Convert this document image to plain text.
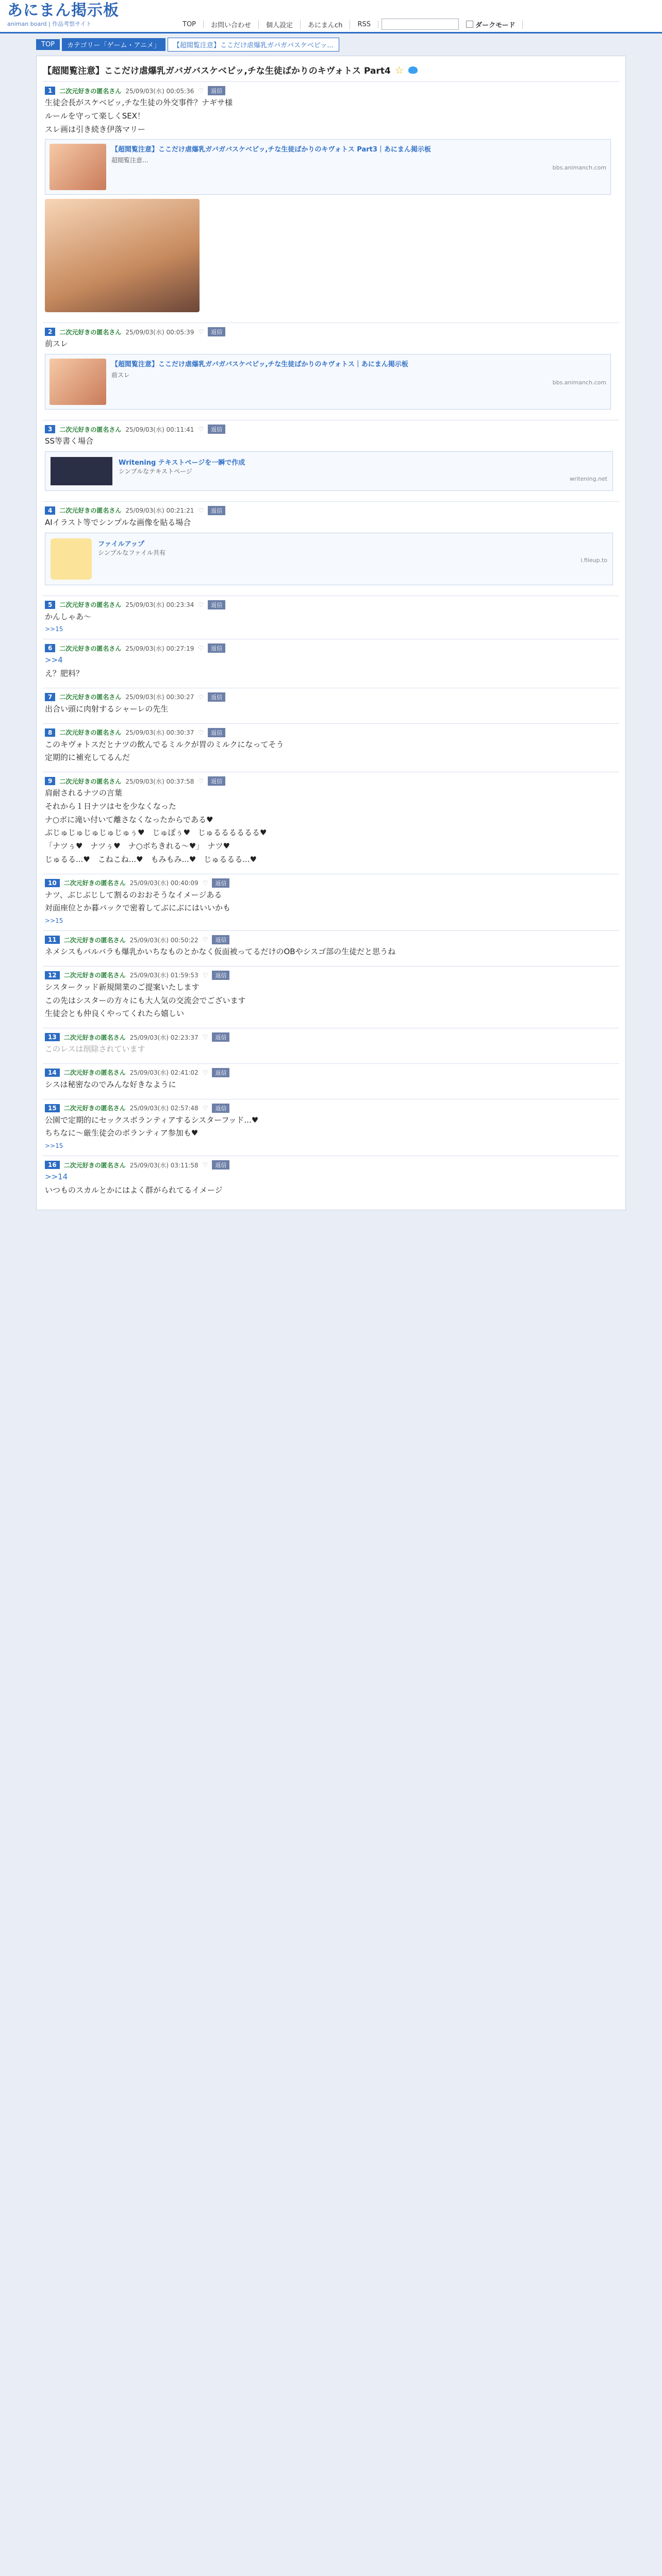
あにまん掲示板
animan board | 作品考察サイト	TOP	お問い合わせ	個人設定	あにまんch	RSS	ダークモード
TOP	カテゴリー「ゲーム・アニメ」	【超閲覧注意】ここだけ虐爆乳ガバガバスケベピッ...
【超閲覧注意】ここだけ虐爆乳ガバガバスケベピッ,チな生徒ばかりのキヴォトス Part4 ☆
1	二次元好きの匿名さん 25/09/03(水) 00:05:36 ♡	返信

生徒会長がスケベピッ,チな生徒の外交事件？ナギサ様

ルールを守って楽しくSEX！

スレ画は引き続き伊落マリー

【超閲覧注意】ここだけ虐爆乳ガバガバスケベピッ,チな生徒ばかりのキヴォトス Part3｜あにまん掲示板
超閲覧注意...
bbs.animanch.com
2	二次元好きの匿名さん 25/09/03(水) 00:05:39 ♡	返信

前スレ

【超閲覧注意】ここだけ虐爆乳ガバガバスケベピッ,チな生徒ばかりのキヴォトス｜あにまん掲示板
前スレ
bbs.animanch.com
3	二次元好きの匿名さん 25/09/03(水) 00:11:41 ♡	返信

SS等書く場合

Writening テキストページを一瞬で作成
シンプルなテキストページ
writening.net
4	二次元好きの匿名さん 25/09/03(水) 00:21:21 ♡	返信

AIイラスト等でシンプルな画像を貼る場合

ファイルアップ
シンプルなファイル共有
i.fileup.to
5	二次元好きの匿名さん 25/09/03(水) 00:23:34 ♡	返信

かんしゃあ〜

>>15
6	二次元好きの匿名さん 25/09/03(水) 00:27:19 ♡	返信

>>4

え？肥料？

7	二次元好きの匿名さん 25/09/03(水) 00:30:27 ♡	返信

出合い頭に肉射するシャーレの先生

8	二次元好きの匿名さん 25/09/03(水) 00:30:37 ♡	返信

このキヴォトスだとナツの飲んでるミルクが胃のミルクになってそう

定期的に補充してるんだ

9	二次元好きの匿名さん 25/09/03(水) 00:37:58 ♡	返信

肩耐されるナツの言葉

それから１日ナツはセを少なくなった

ナ○ボに滝い付いて離さなくなったからである♥

ぶじゅじゅじゅじゅじゅぅ♥　じゅぽぅ♥　じゅるるるるるる♥

「ナツぅ♥　ナツぅ♥　ナ○ボちきれる〜♥」　ナツ♥

じゅるる...♥　こねこね...♥　もみもみ...♥　じゅるるる...♥

10	二次元好きの匿名さん 25/09/03(水) 00:40:09 ♡	返信

ナツ、ぶじぶじして割るのおおそうなイメージある

対面座位とか暮バックで密着してぶにぶにはいいかも

>>15
11	二次元好きの匿名さん 25/09/03(水) 00:50:22 ♡	返信

ネメシスもバルバラも爆乳かいちなものとかなく仮面被ってるだけのOBやシスゴ部の生徒だと思うね

12	二次元好きの匿名さん 25/09/03(水) 01:59:53 ♡	返信

シスタークッド新規開業のご提案いたします

この先はシスターの方々にも大人気の交流会でございます

生徒会とも仲良くやってくれたら嬉しい

13	二次元好きの匿名さん 25/09/03(水) 02:23:37 ♡	返信

このレスは削除されています

14	二次元好きの匿名さん 25/09/03(水) 02:41:02 ♡	返信

シスは秘密なのでみんな好きなように

15	二次元好きの匿名さん 25/09/03(水) 02:57:48 ♡	返信

公園で定期的にセックスボランティアするシスターフッド...♥

ちちなに〜厳生徒会のボランティア参加も♥

>>15
16	二次元好きの匿名さん 25/09/03(水) 03:11:58 ♡	返信

>>14

いつものスカルとかにはよく群がられてるイメージ
